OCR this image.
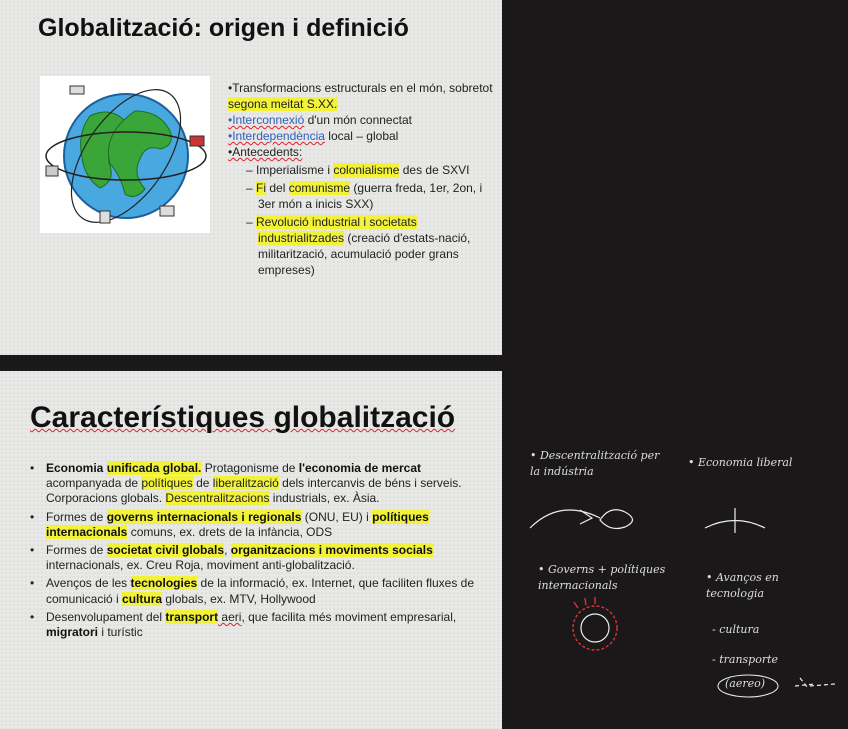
Globalització: origen i definició

•Transformacions estructurals en el món, sobretot segona meitat S.XX.

•Interconnexió d'un món connectat

•Interdependència local – global

•Antecedents:

– Imperialisme i colonialisme des de SXVI

– Fi del comunisme (guerra freda, 1er, 2on, i 3er món a inicis SXX)

– Revolució industrial i societats industrialitzades (creació d'estats-nació, militarització, acumulació poder grans empreses)

Característiques globalització
• Economia unificada global. Protagonisme de l'economia de mercat acompanyada de polítiques de liberalització dels intercanvis de béns i serveis. Corporacions globals. Descentralitzacions industrials, ex. Àsia.
• Formes de governs internacionals i regionals (ONU, EU) i polítiques internacionals comuns, ex. drets de la infància, ODS
• Formes de societat civil globals, organitzacions i moviments socials internacionals, ex. Creu Roja, moviment anti-globalització.
• Avenços de les tecnologies de la informació, ex. Internet, que faciliten fluxes de comunicació i cultura globals, ex. MTV, Hollywood
• Desenvolupament del transport aeri, que facilita més moviment empresarial, migratori i turístic
• Descentralització per la indústria
• Economia liberal
• Governs + polítiques internacionals
• Avanços en tecnologia
- cultura
- transporte
(aereo)
